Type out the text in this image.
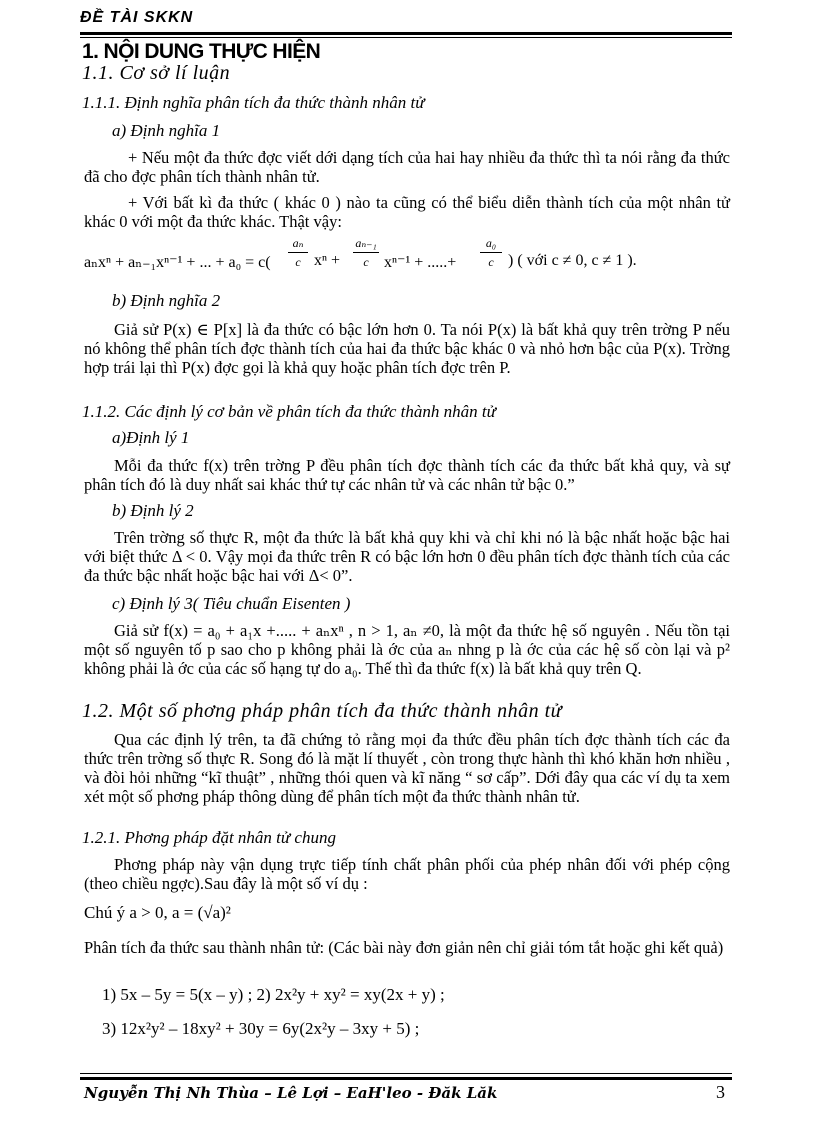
ĐỀ TÀI SKKN
1. NỘI DUNG THỰC HIỆN
1.1. Cơ sở lí luận
1.1.1. Định nghĩa phân tích đa thức thành nhân tử
a) Định nghĩa 1
+ Nếu một đa thức đợc viết dới dạng tích của hai hay nhiều đa thức thì ta nói rằng đa thức đã cho đợc phân tích thành nhân tử.
+ Với bất kì đa thức ( khác 0 ) nào ta cũng có thể biểu diễn thành tích của một nhân tử khác 0 với một đa thức khác. Thật vậy:
aₙxⁿ + aₙ₋₁xⁿ⁻¹ + ... + a₀ = c(
aₙ
c xⁿ +
aₙ₋₁
c xⁿ⁻¹ + .....+
a₀
c ) ( với c ≠ 0, c ≠ 1 ).
b) Định nghĩa 2
Giả sử P(x) ∈ P[x] là đa thức có bậc lớn hơn 0. Ta nói P(x) là bất khả quy trên trờng P nếu nó không thể phân tích đợc thành tích của hai đa thức bậc khác 0 và nhỏ hơn bậc của P(x). Trờng hợp trái lại thì P(x) đợc gọi là khả quy hoặc phân tích đợc trên P.
1.1.2. Các định lý cơ bản về phân tích đa thức thành nhân tử
a)Định lý 1
Mỗi đa thức f(x) trên trờng P đều phân tích đợc thành tích các đa thức bất khả quy, và sự phân tích đó là duy nhất sai khác thứ tự các nhân tử và các nhân tử bậc 0.”
b) Định lý 2
Trên trờng số thực R, một đa thức là bất khả quy khi và chỉ khi nó là bậc nhất hoặc bậc hai với biệt thức Δ < 0. Vậy mọi đa thức trên R có bậc lớn hơn 0 đều phân tích đợc thành tích của các đa thức bậc nhất hoặc bậc hai với Δ< 0”.
c) Định lý 3( Tiêu chuẩn Eisenten )
Giả sử f(x) = a₀ + a₁x +..... + aₙxⁿ , n > 1, aₙ ≠0, là một đa thức hệ số nguyên . Nếu tồn tại một số nguyên tố p sao cho p không phải là ớc của aₙ nhng p là ớc của các hệ số còn lại và p² không phải là ớc của các số hạng tự do a₀. Thế thì đa thức f(x) là bất khả quy trên Q.
1.2. Một số phơng pháp phân tích đa thức thành nhân tử
Qua các định lý trên, ta đã chứng tỏ rằng mọi đa thức đều phân tích đợc thành tích các đa thức trên trờng số thực R. Song đó là mặt lí thuyết , còn trong thực hành thì khó khăn hơn nhiều , và đòi hỏi những “kĩ thuật” , những thói quen và kĩ năng “ sơ cấp”. Dới đây qua các ví dụ ta xem xét một số phơng pháp thông dùng để phân tích một đa thức thành nhân tử.
1.2.1. Phơng pháp đặt nhân tử chung
Phơng pháp này vận dụng trực tiếp tính chất phân phối của phép nhân đối với phép cộng (theo chiều ngợc).Sau đây là một số ví dụ :
Chú ý a > 0, a = (√a)²
Phân tích đa thức sau thành nhân tử: (Các bài này đơn giản nên chỉ giải tóm tắt hoặc ghi kết quả)
1) 5x – 5y = 5(x – y) ; 2) 2x²y + xy² = xy(2x + y) ;
3) 12x²y² – 18xy² + 30y = 6y(2x²y – 3xy + 5) ;
Nguyễn Thị Nh Thùa – Lê Lợi – EaH'leo - Đăk Lăk	3
